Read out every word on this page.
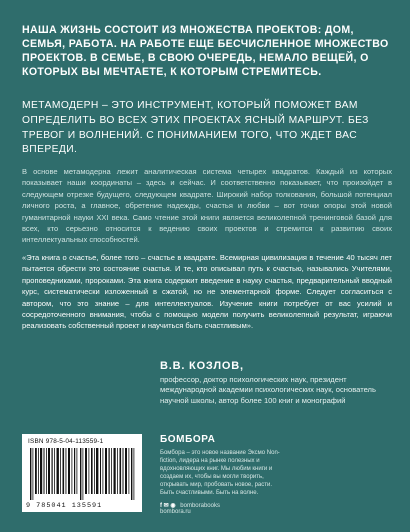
НАША ЖИЗНЬ СОСТОИТ ИЗ МНОЖЕСТВА ПРОЕКТОВ: ДОМ, СЕМЬЯ, РАБОТА. НА РАБОТЕ ЕЩЕ БЕСЧИСЛЕННОЕ МНОЖЕСТВО ПРОЕКТОВ. В СЕМЬЕ, В СВОЮ ОЧЕРЕДЬ, НЕМАЛО ВЕЩЕЙ, О КОТОРЫХ ВЫ МЕЧТАЕТЕ, К КОТОРЫМ СТРЕМИТЕСЬ.
МЕТАМОДЕРН – ЭТО ИНСТРУМЕНТ, КОТОРЫЙ ПОМОЖЕТ ВАМ ОПРЕДЕЛИТЬ ВО ВСЕХ ЭТИХ ПРОЕКТАХ ЯСНЫЙ МАРШРУТ. БЕЗ ТРЕВОГ И ВОЛНЕНИЙ. С ПОНИМАНИЕМ ТОГО, ЧТО ЖДЕТ ВАС ВПЕРЕДИ.
В основе метамодерна лежит аналитическая система четырех квадратов. Каждый из которых показывает наши координаты – здесь и сейчас. И соответственно показывает, что произойдет в следующем отрезке будущего, следующем квадрате. Широкий набор толкования, большой потенциал личного роста, а главное, обретение надежды, счастья и любви – вот точки опоры этой новой гуманитарной науки XXI века. Само чтение этой книги является великолепной тренинговой базой для всех, кто серьезно относится к ведению своих проектов и стремится к развитию своих интеллектуальных способностей.
«Эта книга о счастье, более того – счастье в квадрате. Всемирная цивилизация в течение 40 тысяч лет пытается обрести это состояние счастья. И те, кто описывал путь к счастью, назывались Учителями, проповедниками, пророками. Эта книга содержит введение в науку счастья, предварительный вводный курс, систематически изложенный в сжатой, но не элементарной форме. Следует согласиться с автором, что это знание – для интеллектуалов. Изучение книги потребует от вас усилий и сосредоточенного внимания, чтобы с помощью модели получить великолепный результат, играючи реализовать собственный проект и научиться быть счастливым».
В.В. КОЗЛОВ,
профессор, доктор психологических наук, президент международной академии психологических наук, основатель научной школы, автор более 100 книг и монографий
ISBN 978-5-04-113559-1
9 785041 135591
БОМБОРА
Бомбора – это новое название Эксмо Non-fiction, лидера на рынке полезных и вдохновляющих книг. Мы любим книги и создаем их, чтобы вы могли творить, открывать мир, пробовать новое, расти. Быть счастливыми. Быть на волне.
f ✉ ◉ bomborabooks
bombora.ru
